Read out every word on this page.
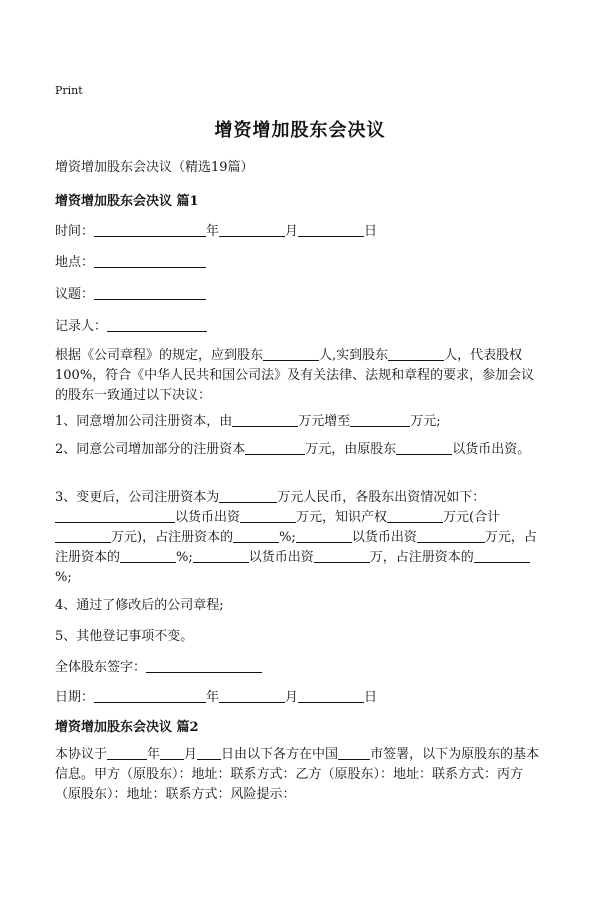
Print
增资增加股东会决议
增资增加股东会决议（精选19篇）
增资增加股东会决议 篇1
时间：	年	月	日
地点：
议题：
记录人：
根据《公司章程》的规定，应到股东	人,实到股东	人，代表股权100%，符合《中华人民共和国公司法》及有关法律、法规和章程的要求，参加会议的股东一致通过以下决议：
1、同意增加公司注册资本，由	万元增至	万元;
2、同意公司增加部分的注册资本	万元，由原股东	以货币出资。
3、变更后，公司注册资本为	万元人民币，各股东出资情况如下：以货币出资	万元，知识产权	万元(合计万元)，占注册资本的	%;	以货币出资	万元，占注册资本的	%;	以货币出资	万，占注册资本的%;
4、通过了修改后的公司章程;
5、其他登记事项不变。
全体股东签字：
日期：	年	月	日
增资增加股东会决议 篇2
本协议于	年 月 日由以下各方在中国 市签署，以下为原股东的基本信息。甲方（原股东）：地址：联系方式：乙方（原股东）：地址：联系方式：丙方（原股东）：地址：联系方式：风险提示：
